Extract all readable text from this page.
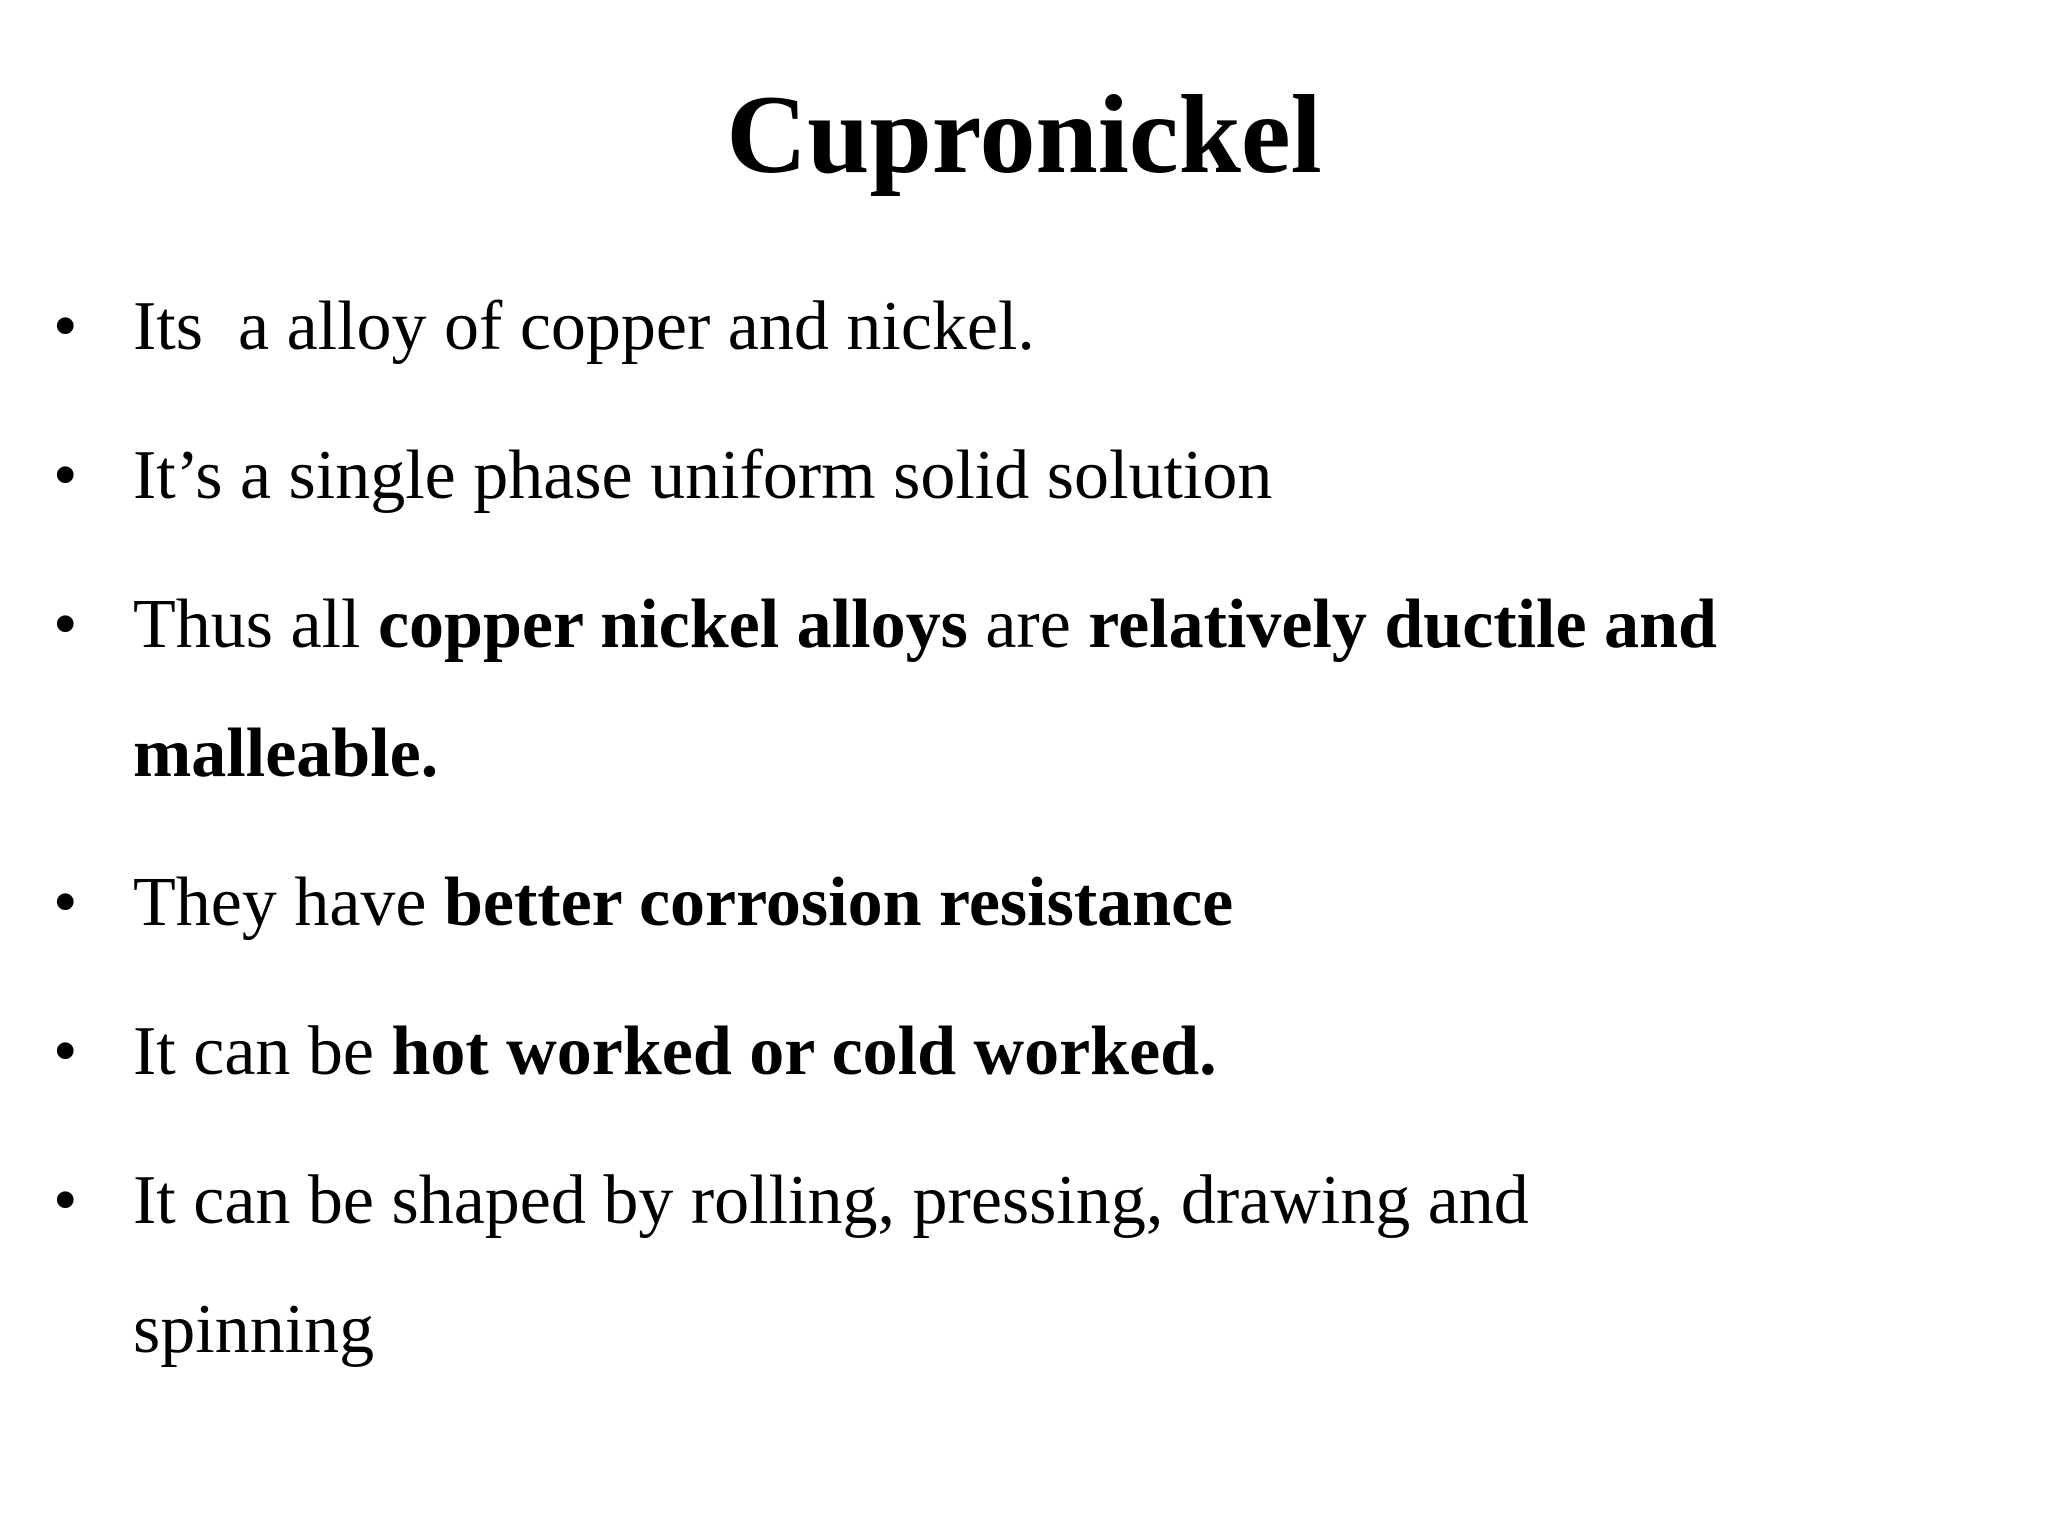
Cupronickel
• Its  a alloy of copper and nickel.
• It’s a single phase uniform solid solution
• Thus all copper nickel alloys are relatively ductile and malleable.
• They have better corrosion resistance
• It can be hot worked or cold worked.
• It can be shaped by rolling, pressing, drawing and spinning
